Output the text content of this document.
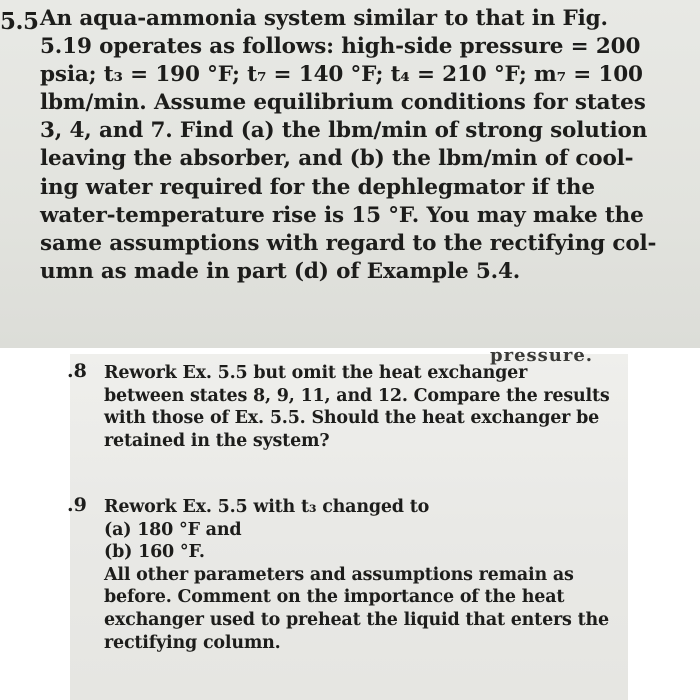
5.5 An aqua-ammonia system similar to that in Fig.
5.19 operates as follows: high-side pressure = 200
psia; t₃ = 190 °F; t₇ = 140 °F; t₄ = 210 °F; m₇ = 100
lbm/min. Assume equilibrium conditions for states
3, 4, and 7. Find (a) the lbm/min of strong solution
leaving the absorber, and (b) the lbm/min of cool-
ing water required for the dephlegmator if the
water-temperature rise is 15 °F. You may make the
same assumptions with regard to the rectifying col-
umn as made in part (d) of Example 5.4.

pressure.
.8 Rework Ex. 5.5 but omit the heat exchanger
between states 8, 9, 11, and 12. Compare the results
with those of Ex. 5.5. Should the heat exchanger be
retained in the system?

.9 Rework Ex. 5.5 with t₃ changed to
(a) 180 °F and
(b) 160 °F.
All other parameters and assumptions remain as
before. Comment on the importance of the heat
exchanger used to preheat the liquid that enters the
rectifying column.
